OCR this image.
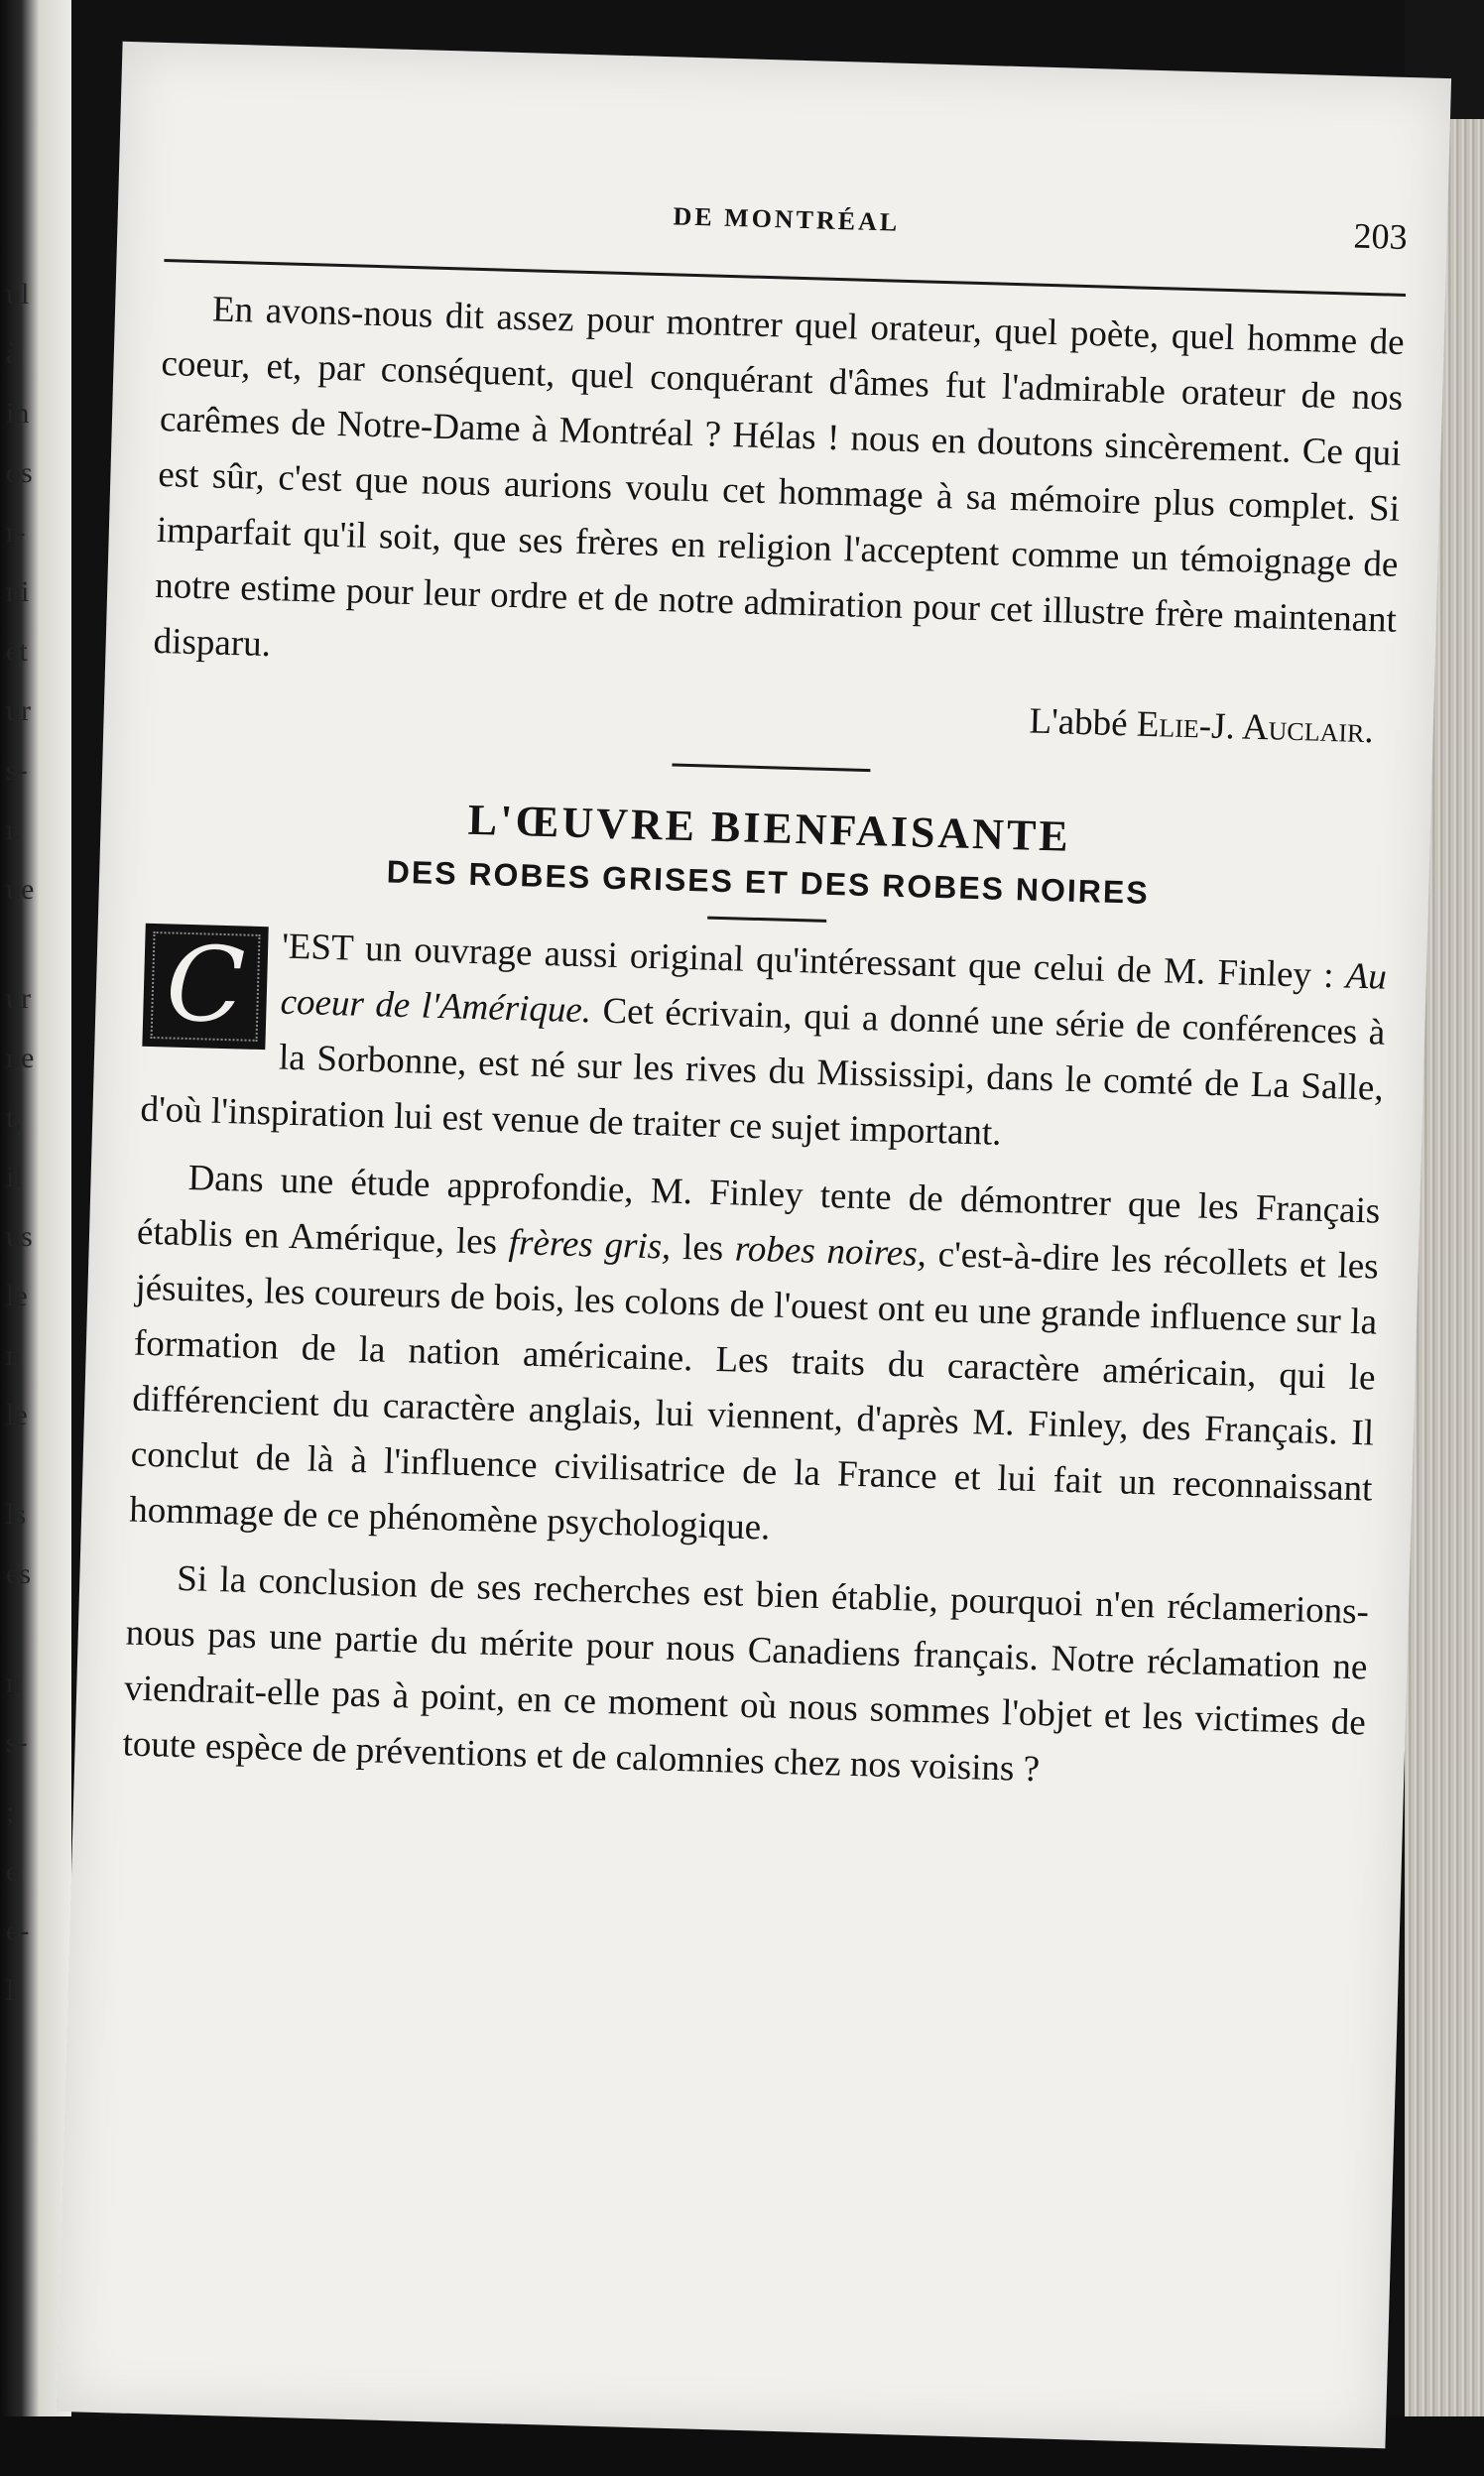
ul
à
in
os
r-
ni
et
ur
s-
r.
ue
ur
ne
t,
il
us
le
n
le
ls
es
n
s-
;
e
e-
l
DE MONTRÉAL	203

En avons-nous dit assez pour montrer quel orateur, quel poète, quel homme de coeur, et, par conséquent, quel conquérant d'âmes fut l'admirable orateur de nos carêmes de Notre-Dame à Montréal ? Hélas ! nous en doutons sincèrement. Ce qui est sûr, c'est que nous aurions voulu cet hommage à sa mémoire plus complet. Si imparfait qu'il soit, que ses frères en religion l'acceptent comme un témoignage de notre estime pour leur ordre et de notre admiration pour cet illustre frère maintenant disparu.

L'abbé Elie-J. Auclair.
L'ŒUVRE BIENFAISANTE
DES ROBES GRISES ET DES ROBES NOIRES

C 'EST un ouvrage aussi original qu'intéressant que celui de M. Finley : Au coeur de l'Amérique. Cet écrivain, qui a donné une série de conférences à la Sorbonne, est né sur les rives du Mississipi, dans le comté de La Salle, d'où l'inspiration lui est venue de traiter ce sujet important.

Dans une étude approfondie, M. Finley tente de démontrer que les Français établis en Amérique, les frères gris, les robes noires, c'est-à-dire les récollets et les jésuites, les coureurs de bois, les colons de l'ouest ont eu une grande influence sur la formation de la nation américaine. Les traits du caractère américain, qui le différencient du caractère anglais, lui viennent, d'après M. Finley, des Français. Il conclut de là à l'influence civilisatrice de la France et lui fait un reconnaissant hommage de ce phénomène psychologique.

Si la conclusion de ses recherches est bien établie, pourquoi n'en réclamerions-nous pas une partie du mérite pour nous Canadiens français. Notre réclamation ne viendrait-elle pas à point, en ce moment où nous sommes l'objet et les victimes de toute espèce de préventions et de calomnies chez nos voisins ?
